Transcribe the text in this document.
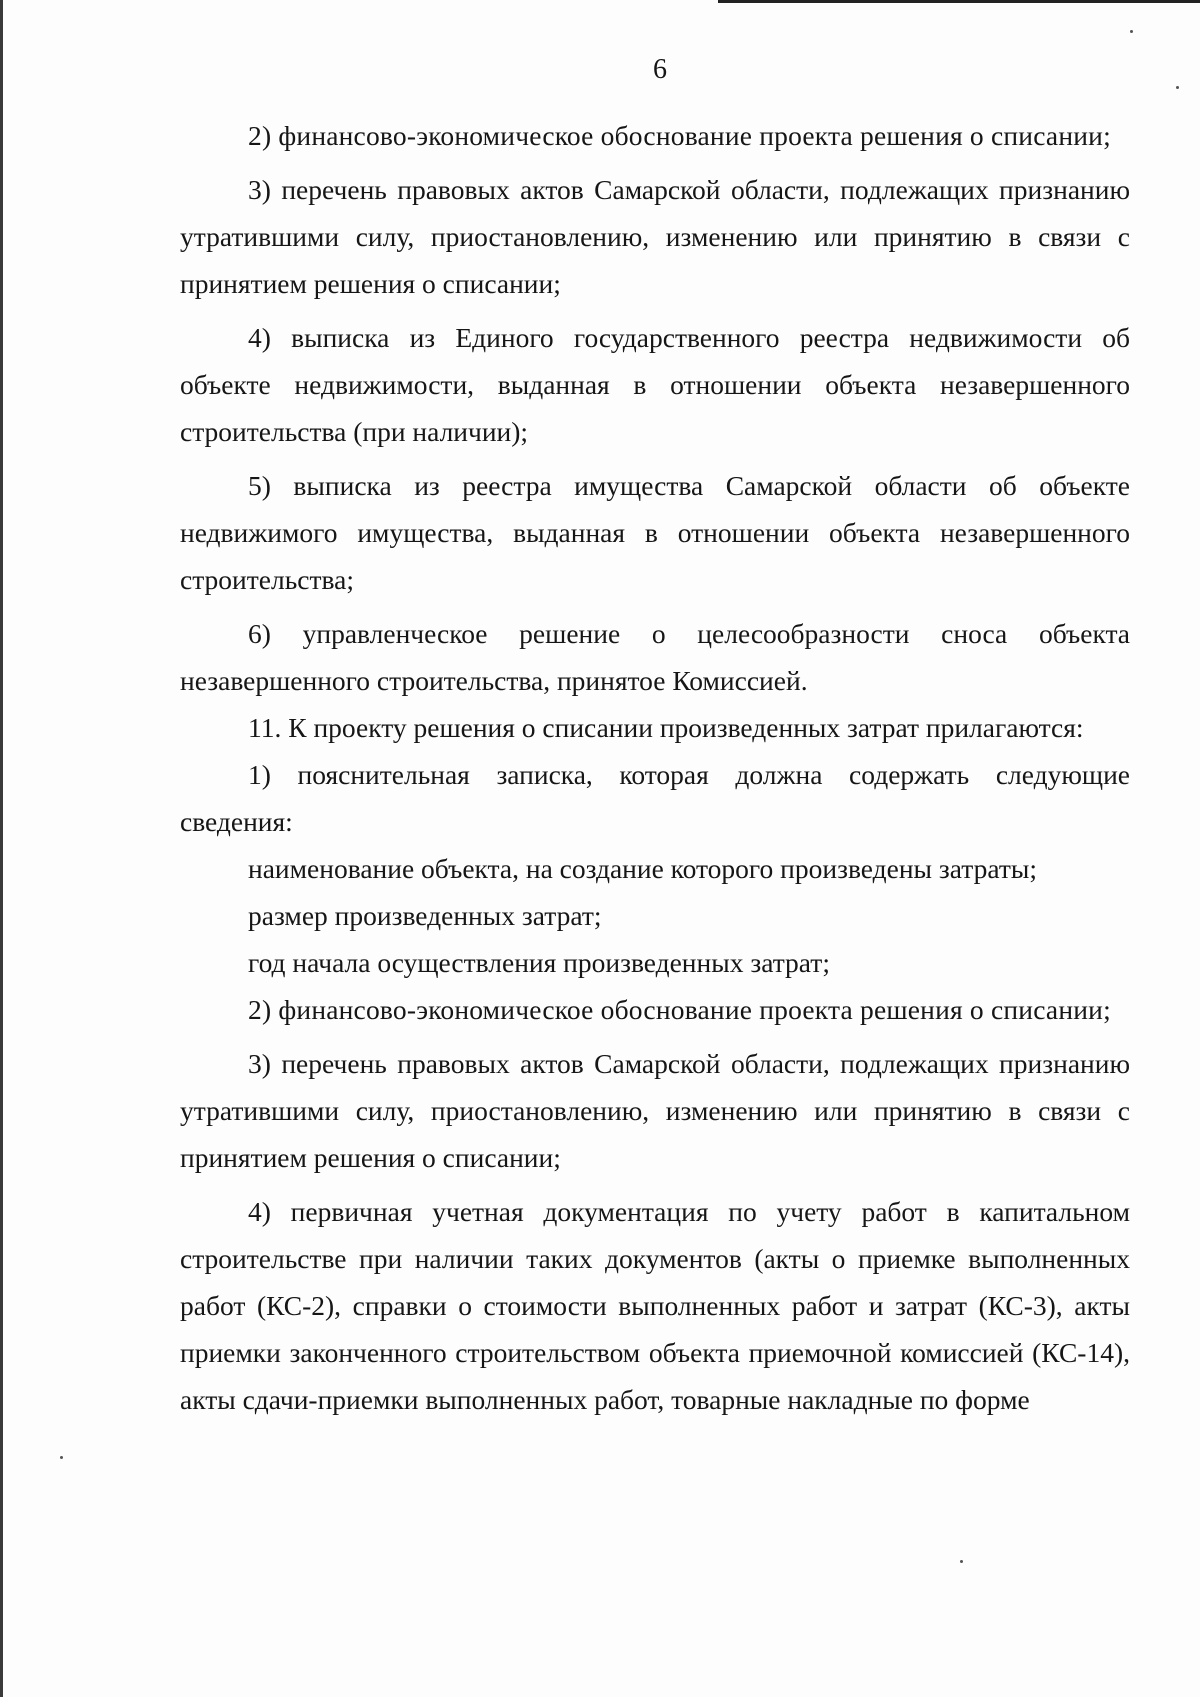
6

2) финансово-экономическое обоснование проекта решения о списании;

3) перечень правовых актов Самарской области, подлежащих признанию утратившими силу, приостановлению, изменению или принятию в связи с принятием решения о списании;

4) выписка из Единого государственного реестра недвижимости об объекте недвижимости, выданная в отношении объекта незавершенного строительства (при наличии);

5) выписка из реестра имущества Самарской области об объекте недвижимого имущества, выданная в отношении объекта незавершенного строительства;

6) управленческое решение о целесообразности сноса объекта незавершенного строительства, принятое Комиссией.

11. К проекту решения о списании произведенных затрат прилагаются:

1) пояснительная записка, которая должна содержать следующие сведения:

наименование объекта, на создание которого произведены затраты;

размер произведенных затрат;

год начала осуществления произведенных затрат;

2) финансово-экономическое обоснование проекта решения о списании;

3) перечень правовых актов Самарской области, подлежащих признанию утратившими силу, приостановлению, изменению или принятию в связи с принятием решения о списании;

4) первичная учетная документация по учету работ в капитальном строительстве при наличии таких документов (акты о приемке выполненных работ (КС-2), справки о стоимости выполненных работ и затрат (КС-3), акты приемки законченного строительством объекта приемочной комиссией (КС-14), акты сдачи-приемки выполненных работ, товарные накладные по форме
